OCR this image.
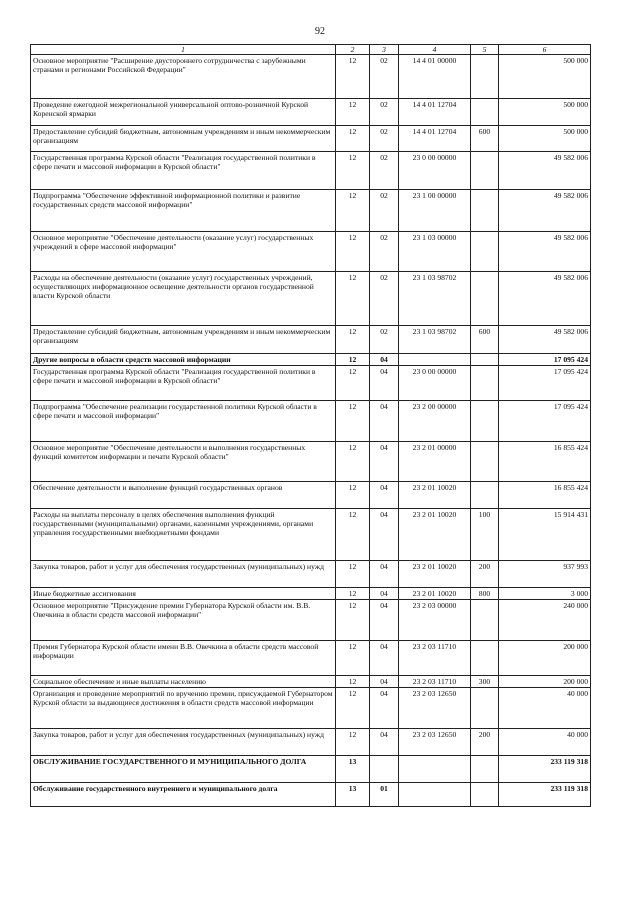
92
1	2	3	4	5	6
Основное мероприятие "Расширение двустороннего сотрудничества с зарубежными странами и регионами Российской Федерации"	12	02	14 4 01 00000		500 000
Проведение ежегодной межрегиональной универсальной оптово-розничной Курской Коренской ярмарки	12	02	14 4 01 12704		500 000
Предоставление субсидий бюджетным, автономным учреждениям и иным некоммерческим организациям	12	02	14 4 01 12704	600	500 000
Государственная программа Курской области "Реализация государственной политики в сфере печати и массовой информации в Курской области"	12	02	23 0 00 00000		49 582 006
Подпрограмма "Обеспечение эффективной информационной политики и развитие государственных средств массовой информации"	12	02	23 1 00 00000		49 582 006
Основное мероприятие "Обеспечение деятельности (оказание услуг) государственных учреждений в сфере массовой информации"	12	02	23 1 03 00000		49 582 006
Расходы на обеспечение деятельности (оказание услуг) государственных учреждений, осуществляющих информационное освещение деятельности органов государственной власти Курской области	12	02	23 1 03 98702		49 582 006
Предоставление субсидий бюджетным, автономным учреждениям и иным некоммерческим организациям	12	02	23 1 03 98702	600	49 582 006
Другие вопросы в области средств массовой информации	12	04			17 095 424
Государственная программа Курской области "Реализация государственной политики в сфере печати и массовой информации в Курской области"	12	04	23 0 00 00000		17 095 424
Подпрограмма "Обеспечение реализации государственной политики Курской области в сфере печати и массовой информации"	12	04	23 2 00 00000		17 095 424
Основное мероприятие "Обеспечение деятельности и выполнения государственных функций комитетом информации и печати Курской области"	12	04	23 2 01 00000		16 855 424
Обеспечение деятельности и выполнение функций государственных органов	12	04	23 2 01 10020		16 855 424
Расходы на выплаты персоналу в целях обеспечения выполнения функций государственными (муниципальными) органами, казенными учреждениями, органами управления государственными внебюджетными фондами	12	04	23 2 01 10020	100	15 914 431
Закупка товаров, работ и услуг для обеспечения государственных (муниципальных) нужд	12	04	23 2 01 10020	200	937 993
Иные бюджетные ассигнования	12	04	23 2 01 10020	800	3 000
Основное мероприятие "Присуждение премии Губернатора Курской области им. В.В. Овечкина в области средств массовой информации"	12	04	23 2 03 00000		240 000
Премия Губернатора Курской области имени В.В. Овечкина в области средств массовой информации	12	04	23 2 03 11710		200 000
Социальное обеспечение и иные выплаты населению	12	04	23 2 03 11710	300	200 000
Организация и проведение мероприятий по вручению премии, присуждаемой Губернатором Курской области за выдающиеся достижения в области средств массовой информации	12	04	23 2 03 12650		40 000
Закупка товаров, работ и услуг для обеспечения государственных (муниципальных) нужд	12	04	23 2 03 12650	200	40 000
ОБСЛУЖИВАНИЕ ГОСУДАРСТВЕННОГО И МУНИЦИПАЛЬНОГО ДОЛГА	13				233 119 318
Обслуживание государственного внутреннего и муниципального долга	13	01			233 119 318
